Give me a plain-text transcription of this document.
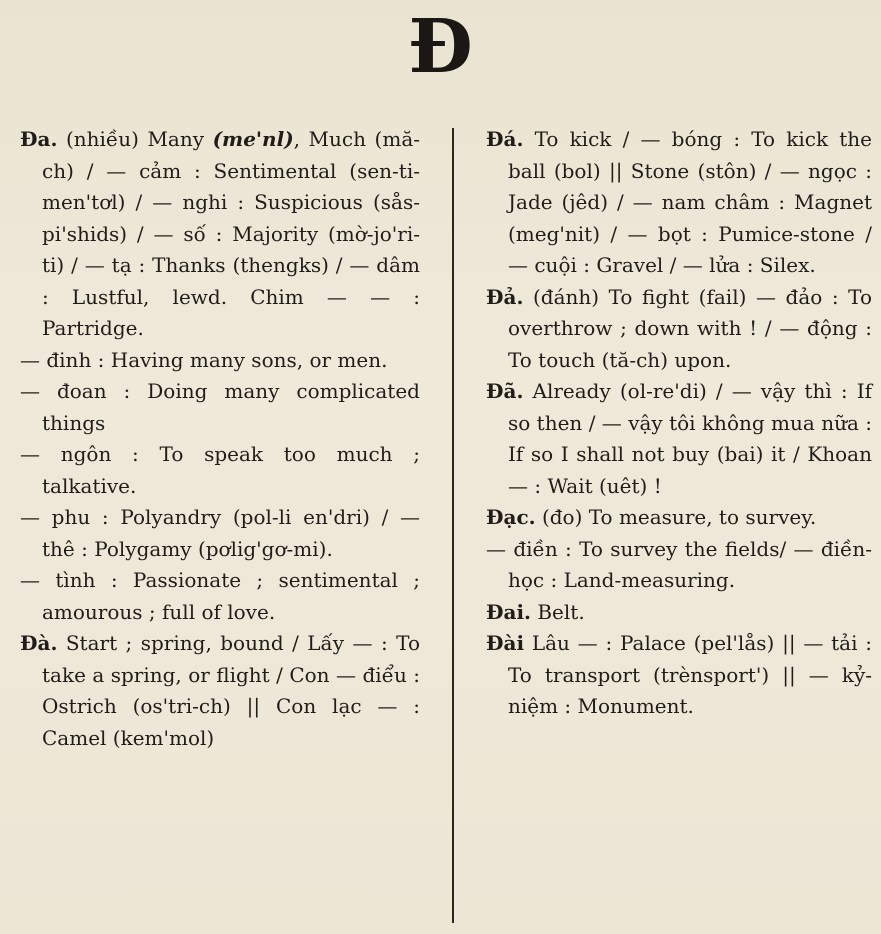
Đ

Đa. (nhiều) Many (me'nl), Much (mă-ch) / — cảm : Sentimental (sen-ti-men'tơl) / — nghi : Suspicious (sås-pi'shids) / — số : Majority (mờ-jo'ri-ti) / — tạ : Thanks (thengks) / — dâm : Lustful, lewd. Chim — — : Partridge.

— đinh : Having many sons, or men.

— đoan : Doing many complicated things

— ngôn : To speak too much ; talkative.

— phu : Polyandry (pol-li en'dri) / — thê : Polygamy (pơlig'gơ-mi).

— tình : Passionate ; sentimental ; amourous ; full of love.

Đà. Start ; spring, bound / Lấy — : To take a spring, or flight / Con — điểu : Ostrich (os'tri-ch) || Con lạc — : Camel (kem'mol)

Đá. To kick / — bóng : To kick the ball (bol) || Stone (stôn) / — ngọc : Jade (jêd) / — nam châm : Magnet (meg'nit) / — bọt : Pumice-stone / — cuội : Gravel / — lửa : Silex.

Đả. (đánh) To fight (fail) — đảo : To overthrow ; down with ! / — động : To touch (tă-ch) upon.

Đã. Already (ol-re'di) / — vậy thì : If so then / — vậy tôi không mua nữa : If so I shall not buy (bai) it / Khoan — : Wait (uêt) !

Đạc. (đo) To measure, to survey.

— điền : To survey the fields/ — điền-học : Land-measuring.

Đai. Belt.

Đài Lâu — : Palace (pel'lås) || — tải : To transport (trènsport') || — kỷ-niệm : Monument.
